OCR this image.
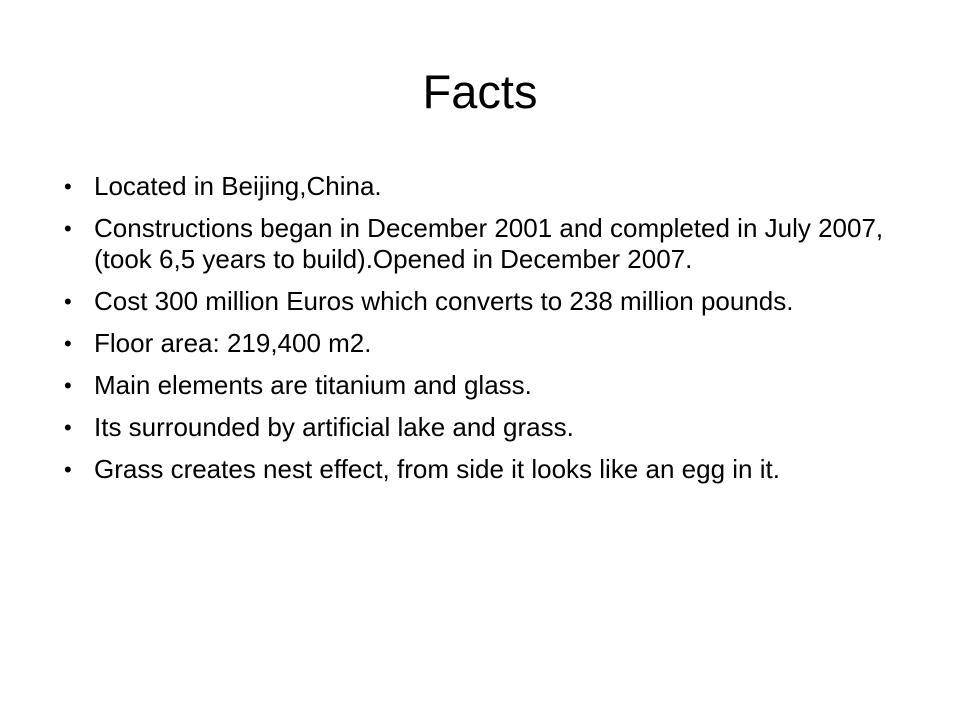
Facts
• Located in Beijing,China.
• Constructions began in December 2001 and completed in July 2007,(took 6,5 years to build).Opened in December 2007.
• Cost 300 million Euros which converts to 238 million pounds.
• Floor area: 219,400 m2.
• Main elements are titanium and glass.
• Its surrounded by artificial lake and grass.
• Grass creates nest effect, from side it looks like an egg in it.
